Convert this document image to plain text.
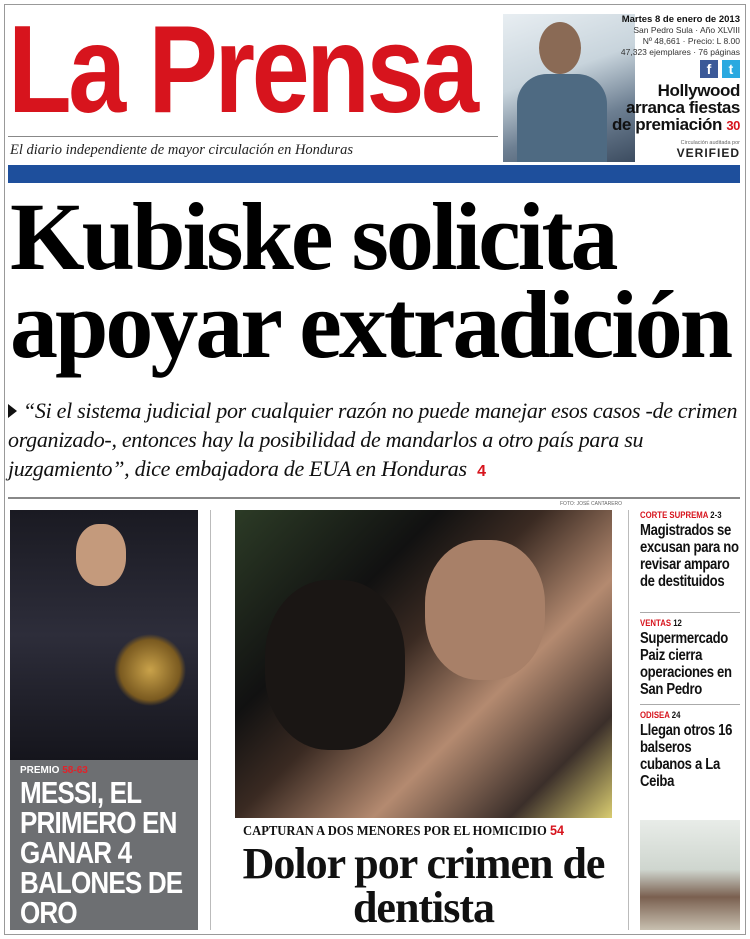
La Prensa	Martes 8 de enero de 2013
San Pedro Sula · Año XLVIII
Nº 48,661 · Precio: L 8.00
47,323 ejemplares · 76 páginas
f	t
Hollywood
arranca fiestas
de premiación 30
El diario independiente de mayor circulación en Honduras	Circulación auditada por
VERIFIED
Kubiske solicita
apoyar extradición
“Si el sistema judicial por cualquier razón no puede manejar esos casos -de crimen organizado-, entonces hay la posibilidad de mandarlos a otro país para su juzgamiento”, dice embajadora de EUA en Honduras 4
PREMIO 58-63
MESSI, EL PRIMERO EN GANAR 4 BALONES DE ORO
FOTO: JOSÉ CANTARERO
CAPTURAN A DOS MENORES POR EL HOMICIDIO 54
Dolor por crimen de dentista
CORTE SUPREMA 2-3
Magistrados se excusan para no revisar amparo de destituidos
VENTAS 12
Supermercado Paiz cierra operaciones en San Pedro
ODISEA 24
Llegan otros 16 balseros cubanos a La Ceiba
